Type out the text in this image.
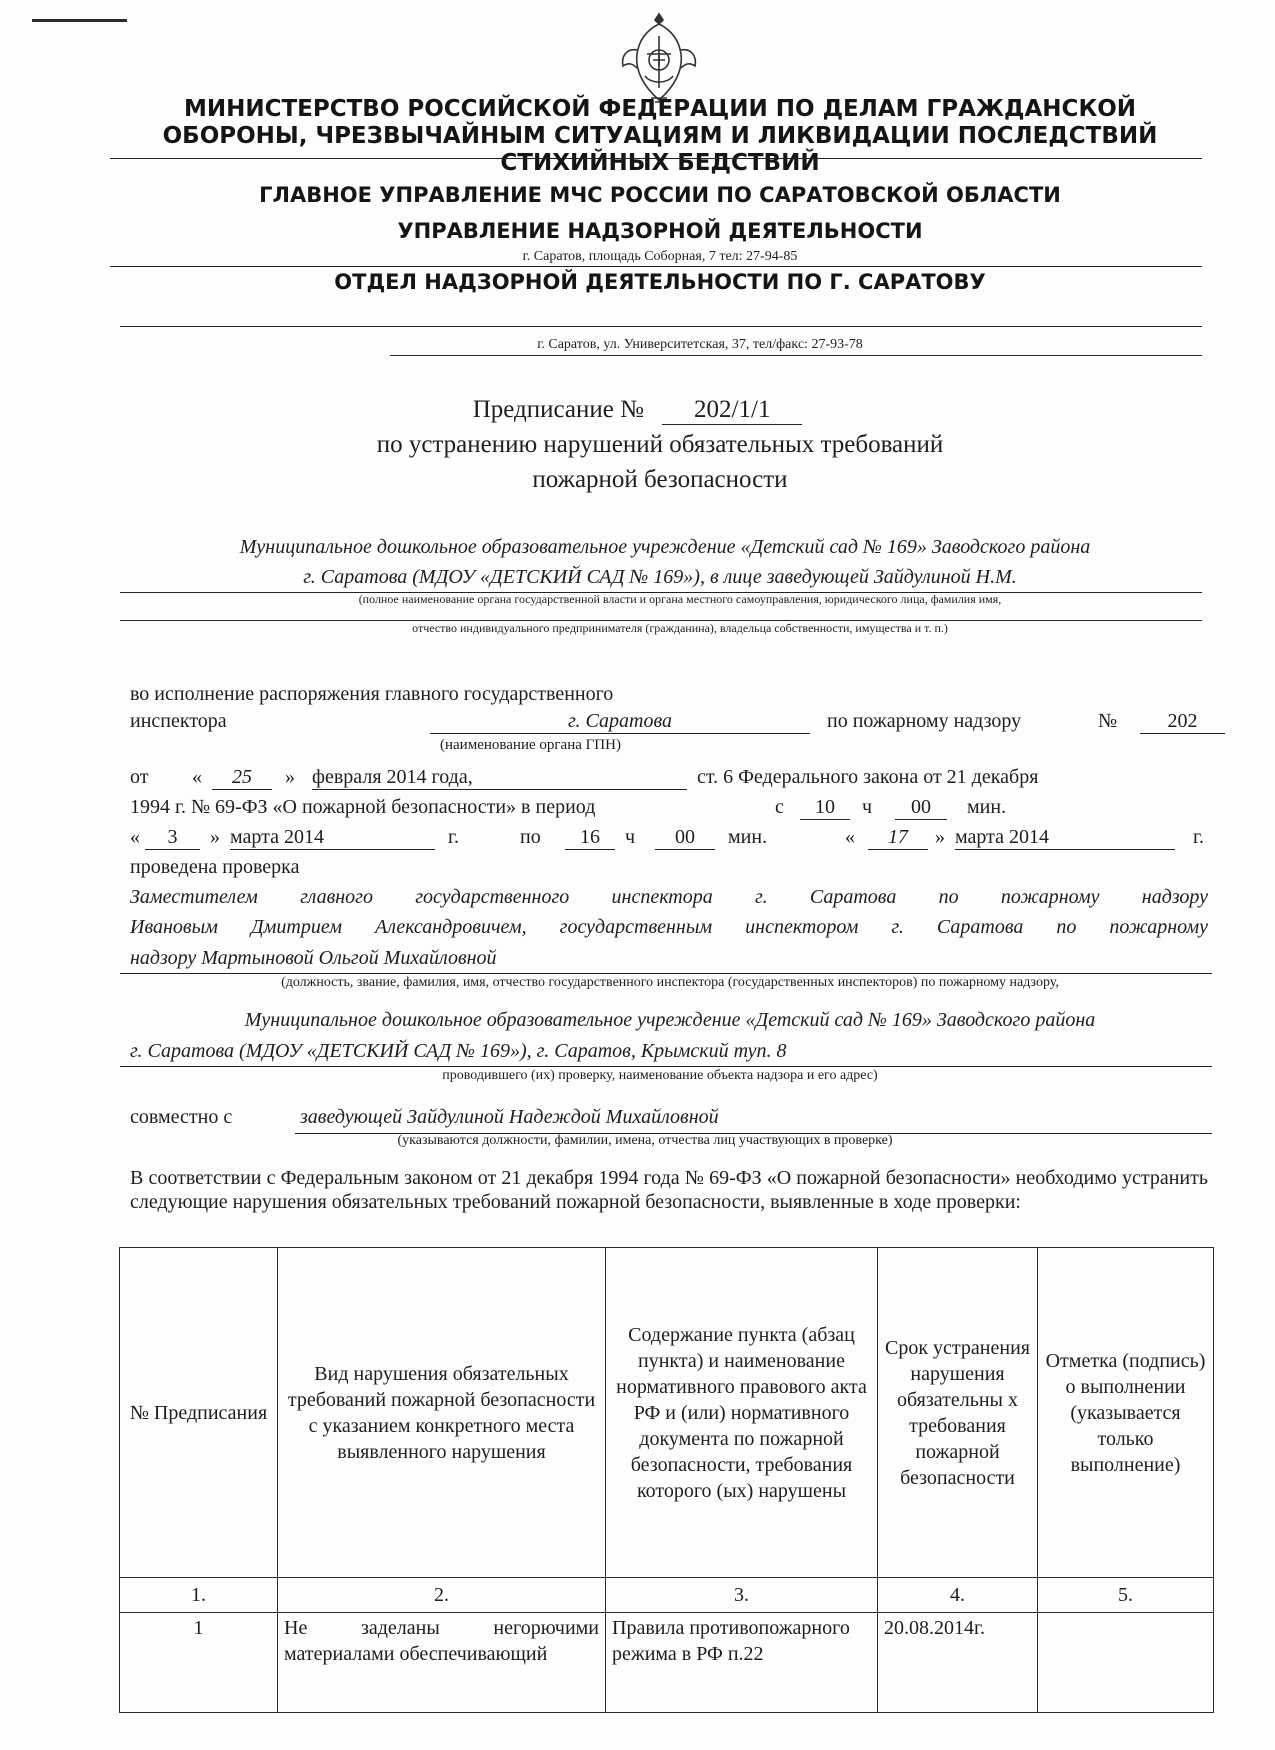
МИНИСТЕРСТВО РОССИЙСКОЙ ФЕДЕРАЦИИ ПО ДЕЛАМ ГРАЖДАНСКОЙ ОБОРОНЫ, ЧРЕЗВЫЧАЙНЫМ СИТУАЦИЯМ И ЛИКВИДАЦИИ ПОСЛЕДСТВИЙ СТИХИЙНЫХ БЕДСТВИЙ
ГЛАВНОЕ УПРАВЛЕНИЕ МЧС РОССИИ ПО САРАТОВСКОЙ ОБЛАСТИ
УПРАВЛЕНИЕ НАДЗОРНОЙ ДЕЯТЕЛЬНОСТИ
г. Саратов, площадь Соборная, 7 тел: 27-94-85
ОТДЕЛ НАДЗОРНОЙ ДЕЯТЕЛЬНОСТИ ПО Г. САРАТОВУ
г. Саратов, ул. Университетская, 37, тел/факс: 27-93-78
Предписание № 202/1/1
по устранению нарушений обязательных требований
пожарной безопасности
Муниципальное дошкольное образовательное учреждение «Детский сад № 169» Заводского района
г. Саратова (МДОУ «ДЕТСКИЙ САД № 169»), в лице заведующей Зайдулиной Н.М.
(полное наименование органа государственной власти и органа местного самоуправления, юридического лица, фамилия имя,
отчество индивидуального предпринимателя (гражданина), владельца собственности, имущества и т. п.)
во исполнение распоряжения главного государственного
инспектора	г. Саратова	по пожарному надзору	№	202
(наименование органа ГПН)
от «	25	» февраля 2014 года,	ст. 6 Федерального закона от 21 декабря
1994 г. № 69-ФЗ «О пожарной безопасности» в период	с	10	ч	00	мин.
«	3	» марта 2014	г.	по	16	ч	00	мин.	«	17	» марта 2014	г.
проведена проверка
Заместителем главного государственного инспектора г. Саратова по пожарному надзору
Ивановым Дмитрием Александровичем, государственным инспектором г. Саратова по пожарному
надзору Мартыновой Ольгой Михайловной
(должность, звание, фамилия, имя, отчество государственного инспектора (государственных инспекторов) по пожарному надзору,
Муниципальное дошкольное образовательное учреждение «Детский сад № 169» Заводского района
г. Саратова (МДОУ «ДЕТСКИЙ САД № 169»), г. Саратов, Крымский туп. 8
проводившего (их) проверку, наименование объекта надзора и его адрес)
совместно с	заведующей Зайдулиной Надеждой Михайловной
(указываются должности, фамилии, имена, отчества лиц участвующих в проверке)
В соответствии с Федеральным законом от 21 декабря 1994 года № 69-ФЗ «О пожарной безопасности» необходимо устранить следующие нарушения обязательных требований пожарной безопасности, выявленные в ходе проверки:
№ Предписания	Вид нарушения обязательных требований пожарной безопасности с указанием конкретного места выявленного нарушения	Содержание пункта (абзац пункта) и наименование нормативного правового акта РФ и (или) нормативного документа по пожарной безопасности, требования которого (ых) нарушены	Срок устранения нарушения обязательны х требования пожарной безопасности	Отметка (подпись) о выполнении (указывается только выполнение)
1.	2.	3.	4.	5.
1	Не заделаны негорючими материалами обеспечивающий	Правила противопожарного режима в РФ п.22	20.08.2014г.	
